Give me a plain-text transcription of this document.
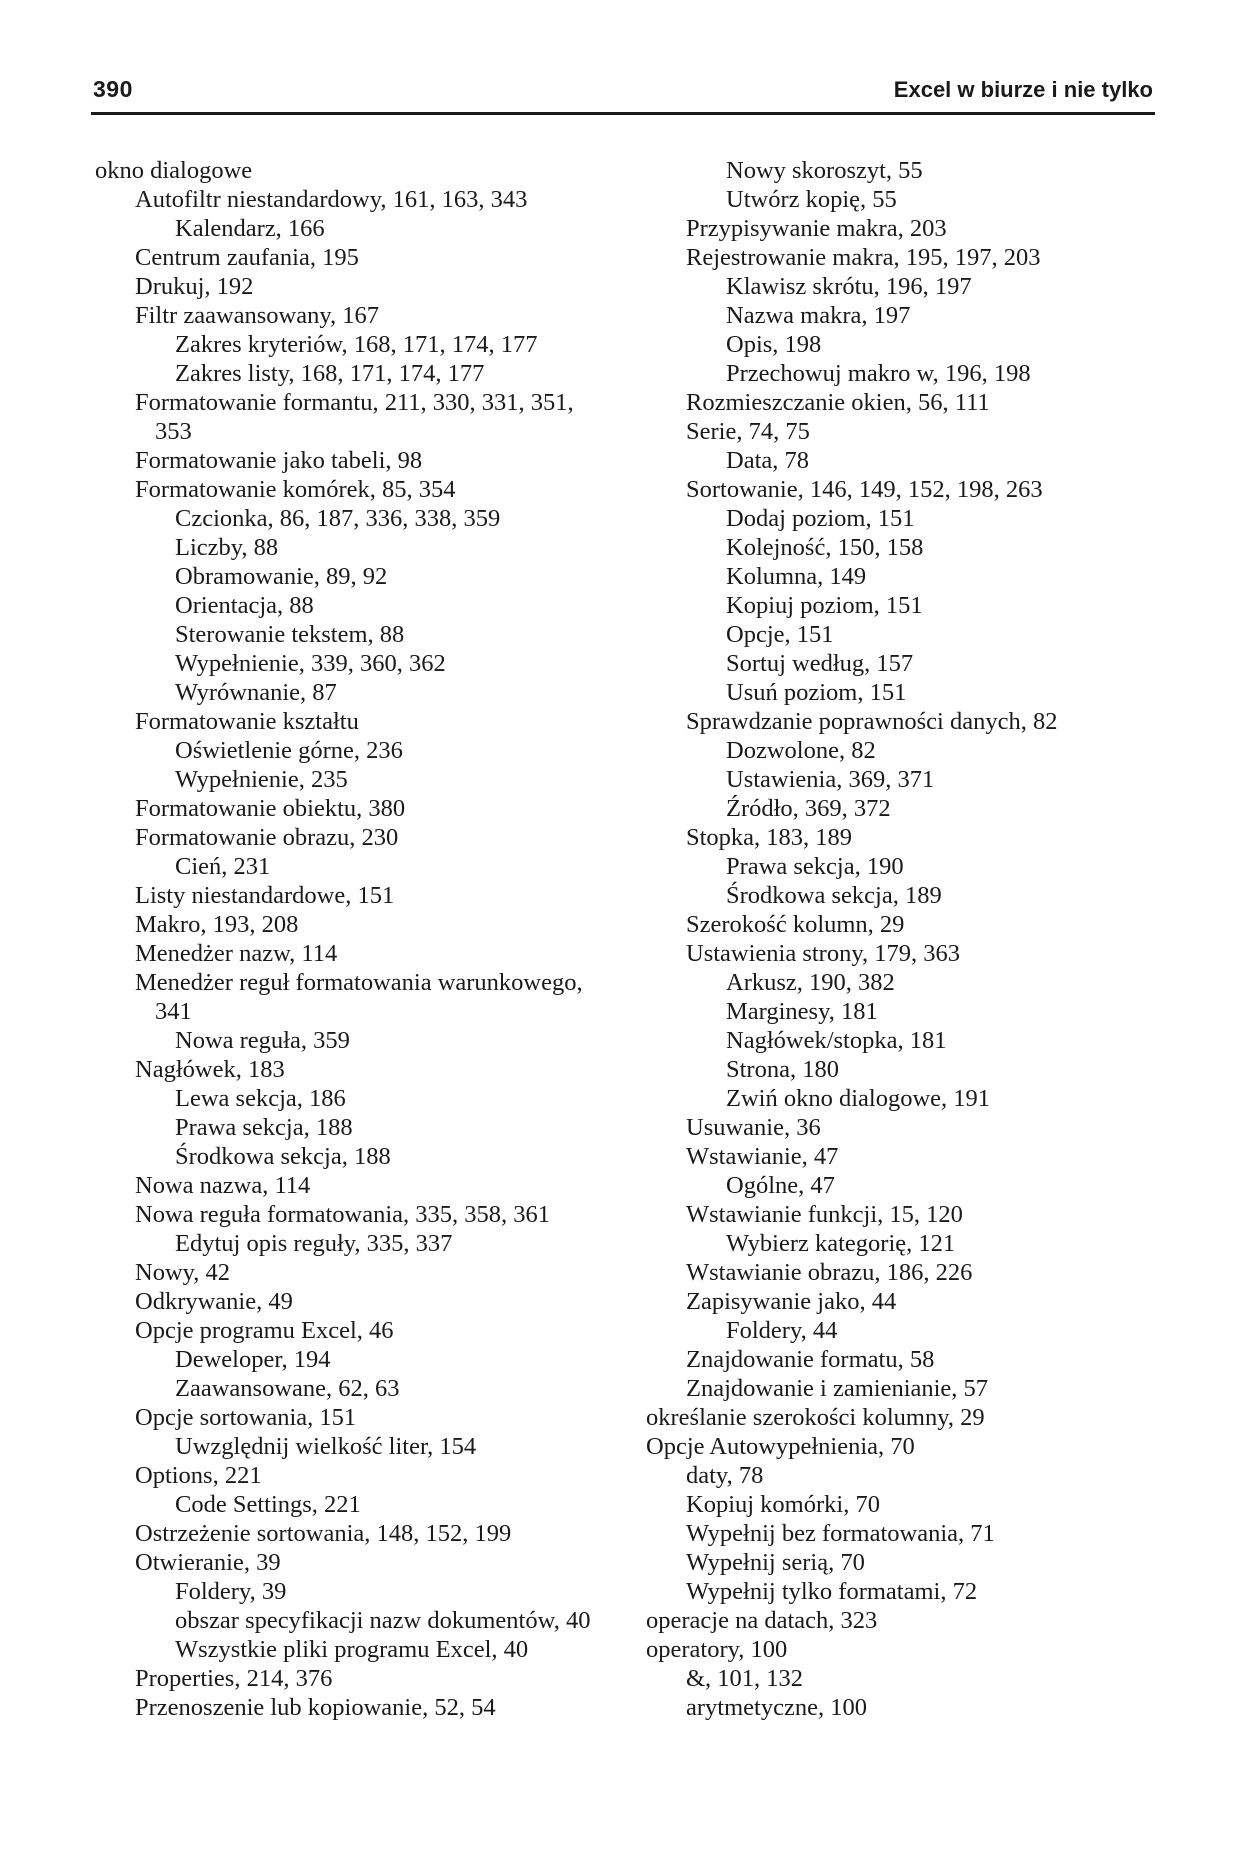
390	Excel w biurze i nie tylko
okno dialogowe
Autofiltr niestandardowy, 161, 163, 343
Kalendarz, 166
Centrum zaufania, 195
Drukuj, 192
Filtr zaawansowany, 167
Zakres kryteriów, 168, 171, 174, 177
Zakres listy, 168, 171, 174, 177
Formatowanie formantu, 211, 330, 331, 351,
353
Formatowanie jako tabeli, 98
Formatowanie komórek, 85, 354
Czcionka, 86, 187, 336, 338, 359
Liczby, 88
Obramowanie, 89, 92
Orientacja, 88
Sterowanie tekstem, 88
Wypełnienie, 339, 360, 362
Wyrównanie, 87
Formatowanie kształtu
Oświetlenie górne, 236
Wypełnienie, 235
Formatowanie obiektu, 380
Formatowanie obrazu, 230
Cień, 231
Listy niestandardowe, 151
Makro, 193, 208
Menedżer nazw, 114
Menedżer reguł formatowania warunkowego,
341
Nowa reguła, 359
Nagłówek, 183
Lewa sekcja, 186
Prawa sekcja, 188
Środkowa sekcja, 188
Nowa nazwa, 114
Nowa reguła formatowania, 335, 358, 361
Edytuj opis reguły, 335, 337
Nowy, 42
Odkrywanie, 49
Opcje programu Excel, 46
Deweloper, 194
Zaawansowane, 62, 63
Opcje sortowania, 151
Uwzględnij wielkość liter, 154
Options, 221
Code Settings, 221
Ostrzeżenie sortowania, 148, 152, 199
Otwieranie, 39
Foldery, 39
obszar specyfikacji nazw dokumentów, 40
Wszystkie pliki programu Excel, 40
Properties, 214, 376
Przenoszenie lub kopiowanie, 52, 54
Nowy skoroszyt, 55
Utwórz kopię, 55
Przypisywanie makra, 203
Rejestrowanie makra, 195, 197, 203
Klawisz skrótu, 196, 197
Nazwa makra, 197
Opis, 198
Przechowuj makro w, 196, 198
Rozmieszczanie okien, 56, 111
Serie, 74, 75
Data, 78
Sortowanie, 146, 149, 152, 198, 263
Dodaj poziom, 151
Kolejność, 150, 158
Kolumna, 149
Kopiuj poziom, 151
Opcje, 151
Sortuj według, 157
Usuń poziom, 151
Sprawdzanie poprawności danych, 82
Dozwolone, 82
Ustawienia, 369, 371
Źródło, 369, 372
Stopka, 183, 189
Prawa sekcja, 190
Środkowa sekcja, 189
Szerokość kolumn, 29
Ustawienia strony, 179, 363
Arkusz, 190, 382
Marginesy, 181
Nagłówek/stopka, 181
Strona, 180
Zwiń okno dialogowe, 191
Usuwanie, 36
Wstawianie, 47
Ogólne, 47
Wstawianie funkcji, 15, 120
Wybierz kategorię, 121
Wstawianie obrazu, 186, 226
Zapisywanie jako, 44
Foldery, 44
Znajdowanie formatu, 58
Znajdowanie i zamienianie, 57
określanie szerokości kolumny, 29
Opcje Autowypełnienia, 70
daty, 78
Kopiuj komórki, 70
Wypełnij bez formatowania, 71
Wypełnij serią, 70
Wypełnij tylko formatami, 72
operacje na datach, 323
operatory, 100
&, 101, 132
arytmetyczne, 100
